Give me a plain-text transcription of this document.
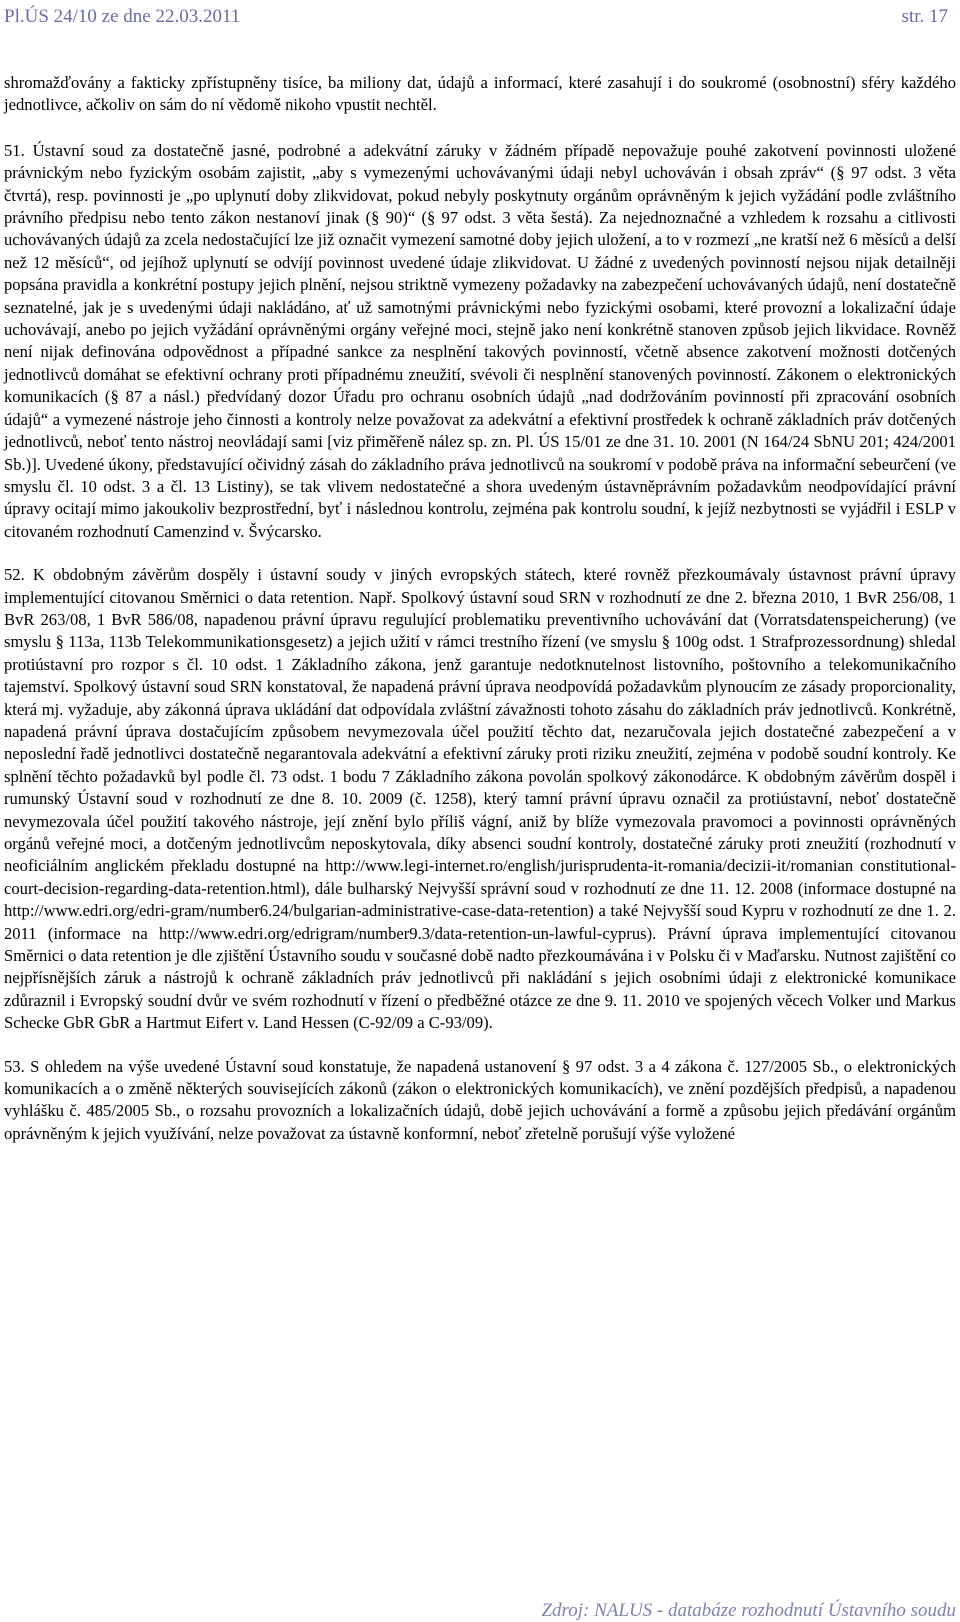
Pl.ÚS 24/10 ze dne 22.03.2011	str. 17

shromažďovány a fakticky zpřístupněny tisíce, ba miliony dat, údajů a informací, které zasahují i do soukromé (osobnostní) sféry každého jednotlivce, ačkoliv on sám do ní vědomě nikoho vpustit nechtěl.

51. Ústavní soud za dostatečně jasné, podrobné a adekvátní záruky v žádném případě nepovažuje pouhé zakotvení povinnosti uložené právnickým nebo fyzickým osobám zajistit, „aby s vymezenými uchovávanými údaji nebyl uchováván i obsah zpráv“ (§ 97 odst. 3 věta čtvrtá), resp. povinnosti je „po uplynutí doby zlikvidovat, pokud nebyly poskytnuty orgánům oprávněným k jejich vyžádání podle zvláštního právního předpisu nebo tento zákon nestanoví jinak (§ 90)“ (§ 97 odst. 3 věta šestá). Za nejednoznačné a vzhledem k rozsahu a citlivosti uchovávaných údajů za zcela nedostačující lze již označit vymezení samotné doby jejich uložení, a to v rozmezí „ne kratší než 6 měsíců a delší než 12 měsíců“, od jejíhož uplynutí se odvíjí povinnost uvedené údaje zlikvidovat. U žádné z uvedených povinností nejsou nijak detailněji popsána pravidla a konkrétní postupy jejich plnění, nejsou striktně vymezeny požadavky na zabezpečení uchovávaných údajů, není dostatečně seznatelné, jak je s uvedenými údaji nakládáno, ať už samotnými právnickými nebo fyzickými osobami, které provozní a lokalizační údaje uchovávají, anebo po jejich vyžádání oprávněnými orgány veřejné moci, stejně jako není konkrétně stanoven způsob jejich likvidace. Rovněž není nijak definována odpovědnost a případné sankce za nesplnění takových povinností, včetně absence zakotvení možnosti dotčených jednotlivců domáhat se efektivní ochrany proti případnému zneužití, svévoli či nesplnění stanovených povinností. Zákonem o elektronických komunikacích (§ 87 a násl.) předvídaný dozor Úřadu pro ochranu osobních údajů „nad dodržováním povinností při zpracování osobních údajů“ a vymezené nástroje jeho činnosti a kontroly nelze považovat za adekvátní a efektivní prostředek k ochraně základních práv dotčených jednotlivců, neboť tento nástroj neovládají sami [viz přiměřeně nález sp. zn. Pl. ÚS 15/01 ze dne 31. 10. 2001 (N 164/24 SbNU 201; 424/2001 Sb.)]. Uvedené úkony, představující očividný zásah do základního práva jednotlivců na soukromí v podobě práva na informační sebeurčení (ve smyslu čl. 10 odst. 3 a čl. 13 Listiny), se tak vlivem nedostatečné a shora uvedeným ústavněprávním požadavkům neodpovídající právní úpravy ocitají mimo jakoukoliv bezprostřední, byť i následnou kontrolu, zejména pak kontrolu soudní, k jejíž nezbytnosti se vyjádřil i ESLP v citovaném rozhodnutí Camenzind v. Švýcarsko.

52. K obdobným závěrům dospěly i ústavní soudy v jiných evropských státech, které rovněž přezkoumávaly ústavnost právní úpravy implementující citovanou Směrnici o data retention. Např. Spolkový ústavní soud SRN v rozhodnutí ze dne 2. března 2010, 1 BvR 256/08, 1 BvR 263/08, 1 BvR 586/08, napadenou právní úpravu regulující problematiku preventivního uchovávání dat (Vorratsdatenspeicherung) (ve smyslu § 113a, 113b Telekommunikationsgesetz) a jejich užití v rámci trestního řízení (ve smyslu § 100g odst. 1 Strafprozessordnung) shledal protiústavní pro rozpor s čl. 10 odst. 1 Základního zákona, jenž garantuje nedotknutelnost listovního, poštovního a telekomunikačního tajemství. Spolkový ústavní soud SRN konstatoval, že napadená právní úprava neodpovídá požadavkům plynoucím ze zásady proporcionality, která mj. vyžaduje, aby zákonná úprava ukládání dat odpovídala zvláštní závažnosti tohoto zásahu do základních práv jednotlivců. Konkrétně, napadená právní úprava dostačujícím způsobem nevymezovala účel použití těchto dat, nezaručovala jejich dostatečné zabezpečení a v neposlední řadě jednotlivci dostatečně negarantovala adekvátní a efektivní záruky proti riziku zneužití, zejména v podobě soudní kontroly. Ke splnění těchto požadavků byl podle čl. 73 odst. 1 bodu 7 Základního zákona povolán spolkový zákonodárce. K obdobným závěrům dospěl i rumunský Ústavní soud v rozhodnutí ze dne 8. 10. 2009 (č. 1258), který tamní právní úpravu označil za protiústavní, neboť dostatečně nevymezovala účel použití takového nástroje, její znění bylo příliš vágní, aniž by blíže vymezovala pravomoci a povinnosti oprávněných orgánů veřejné moci, a dotčeným jednotlivcům neposkytovala, díky absenci soudní kontroly, dostatečné záruky proti zneužití (rozhodnutí v neoficiálním anglickém překladu dostupné na http://www.legi-internet.ro/english/jurisprudenta-it-romania/decizii-it/romanian constitutional-court-decision-regarding-data-retention.html), dále bulharský Nejvyšší správní soud v rozhodnutí ze dne 11. 12. 2008 (informace dostupné na http://www.edri.org/edri-gram/number6.24/bulgarian-administrative-case-data-retention) a také Nejvyšší soud Kypru v rozhodnutí ze dne 1. 2. 2011 (informace na http://www.edri.org/edrigram/number9.3/data-retention-un-lawful-cyprus). Právní úprava implementující citovanou Směrnici o data retention je dle zjištění Ústavního soudu v současné době nadto přezkoumávána i v Polsku či v Maďarsku. Nutnost zajištění co nejpřísnějších záruk a nástrojů k ochraně základních práv jednotlivců při nakládání s jejich osobními údaji z elektronické komunikace zdůraznil i Evropský soudní dvůr ve svém rozhodnutí v řízení o předběžné otázce ze dne 9. 11. 2010 ve spojených věcech Volker und Markus Schecke GbR GbR a Hartmut Eifert v. Land Hessen (C-92/09 a C-93/09).

53. S ohledem na výše uvedené Ústavní soud konstatuje, že napadená ustanovení § 97 odst. 3 a 4 zákona č. 127/2005 Sb., o elektronických komunikacích a o změně některých souvisejících zákonů (zákon o elektronických komunikacích), ve znění pozdějších předpisů, a napadenou vyhlášku č. 485/2005 Sb., o rozsahu provozních a lokalizačních údajů, době jejich uchovávání a formě a způsobu jejich předávání orgánům oprávněným k jejich využívání, nelze považovat za ústavně konformní, neboť zřetelně porušují výše vyložené

Zdroj: NALUS - databáze rozhodnutí Ústavního soudu
